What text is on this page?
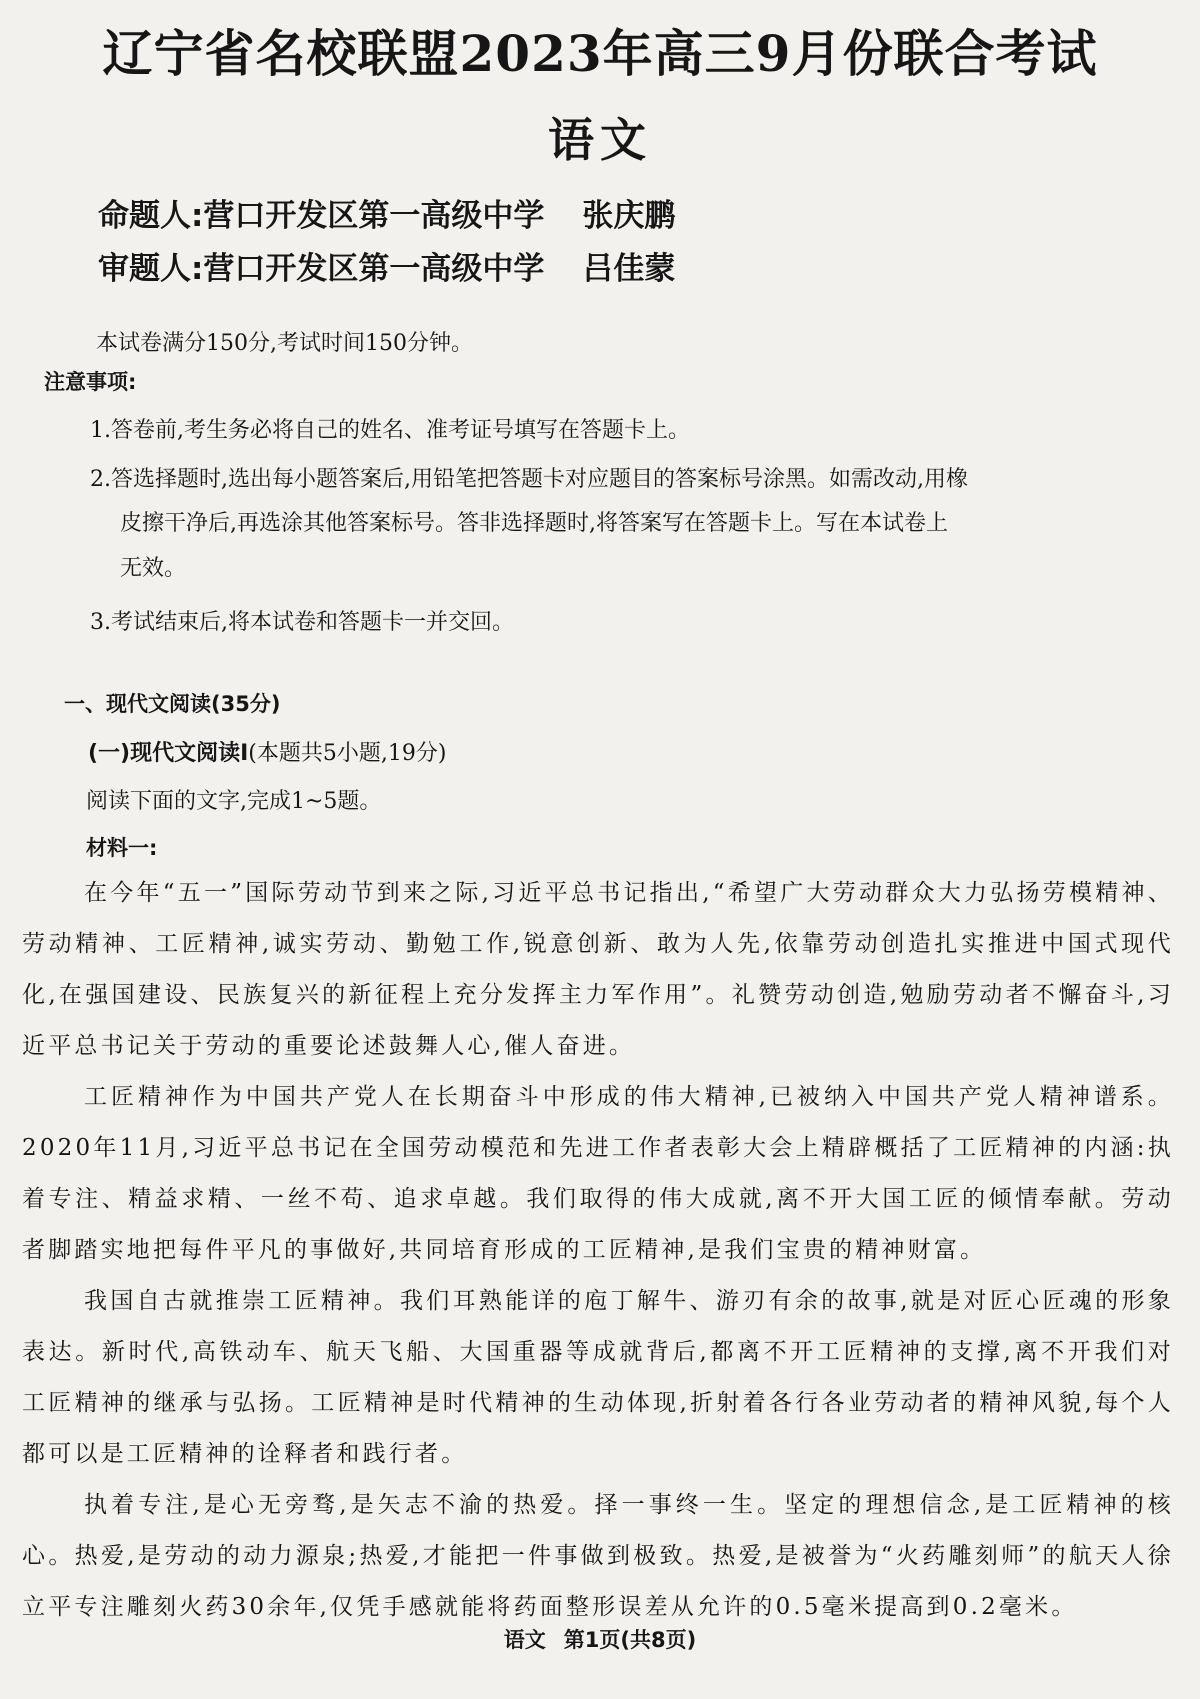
辽宁省名校联盟2023年高三9月份联合考试
语文

命题人:营口开发区第一高级中学 张庆鹏

审题人:营口开发区第一高级中学 吕佳蒙

本试卷满分150分,考试时间150分钟。

注意事项:

1.答卷前,考生务必将自己的姓名、准考证号填写在答题卡上。

2.答选择题时,选出每小题答案后,用铅笔把答题卡对应题目的答案标号涂黑。如需改动,用橡

皮擦干净后,再选涂其他答案标号。答非选择题时,将答案写在答题卡上。写在本试卷上

无效。

3.考试结束后,将本试卷和答题卡一并交回。

一、现代文阅读(35分)

(一)现代文阅读Ⅰ(本题共5小题,19分)

阅读下面的文字,完成1~5题。

材料一:

在今年“五一”国际劳动节到来之际,习近平总书记指出,“希望广大劳动群众大力弘扬劳模精神、劳动精神、工匠精神,诚实劳动、勤勉工作,锐意创新、敢为人先,依靠劳动创造扎实推进中国式现代化,在强国建设、民族复兴的新征程上充分发挥主力军作用”。礼赞劳动创造,勉励劳动者不懈奋斗,习近平总书记关于劳动的重要论述鼓舞人心,催人奋进。

工匠精神作为中国共产党人在长期奋斗中形成的伟大精神,已被纳入中国共产党人精神谱系。2020年11月,习近平总书记在全国劳动模范和先进工作者表彰大会上精辟概括了工匠精神的内涵:执着专注、精益求精、一丝不苟、追求卓越。我们取得的伟大成就,离不开大国工匠的倾情奉献。劳动者脚踏实地把每件平凡的事做好,共同培育形成的工匠精神,是我们宝贵的精神财富。

我国自古就推崇工匠精神。我们耳熟能详的庖丁解牛、游刃有余的故事,就是对匠心匠魂的形象表达。新时代,高铁动车、航天飞船、大国重器等成就背后,都离不开工匠精神的支撑,离不开我们对工匠精神的继承与弘扬。工匠精神是时代精神的生动体现,折射着各行各业劳动者的精神风貌,每个人都可以是工匠精神的诠释者和践行者。

执着专注,是心无旁骛,是矢志不渝的热爱。择一事终一生。坚定的理想信念,是工匠精神的核心。热爱,是劳动的动力源泉;热爱,才能把一件事做到极致。热爱,是被誉为“火药雕刻师”的航天人徐立平专注雕刻火药30余年,仅凭手感就能将药面整形误差从允许的0.5毫米提高到0.2毫米。

语文 第1页(共8页)
